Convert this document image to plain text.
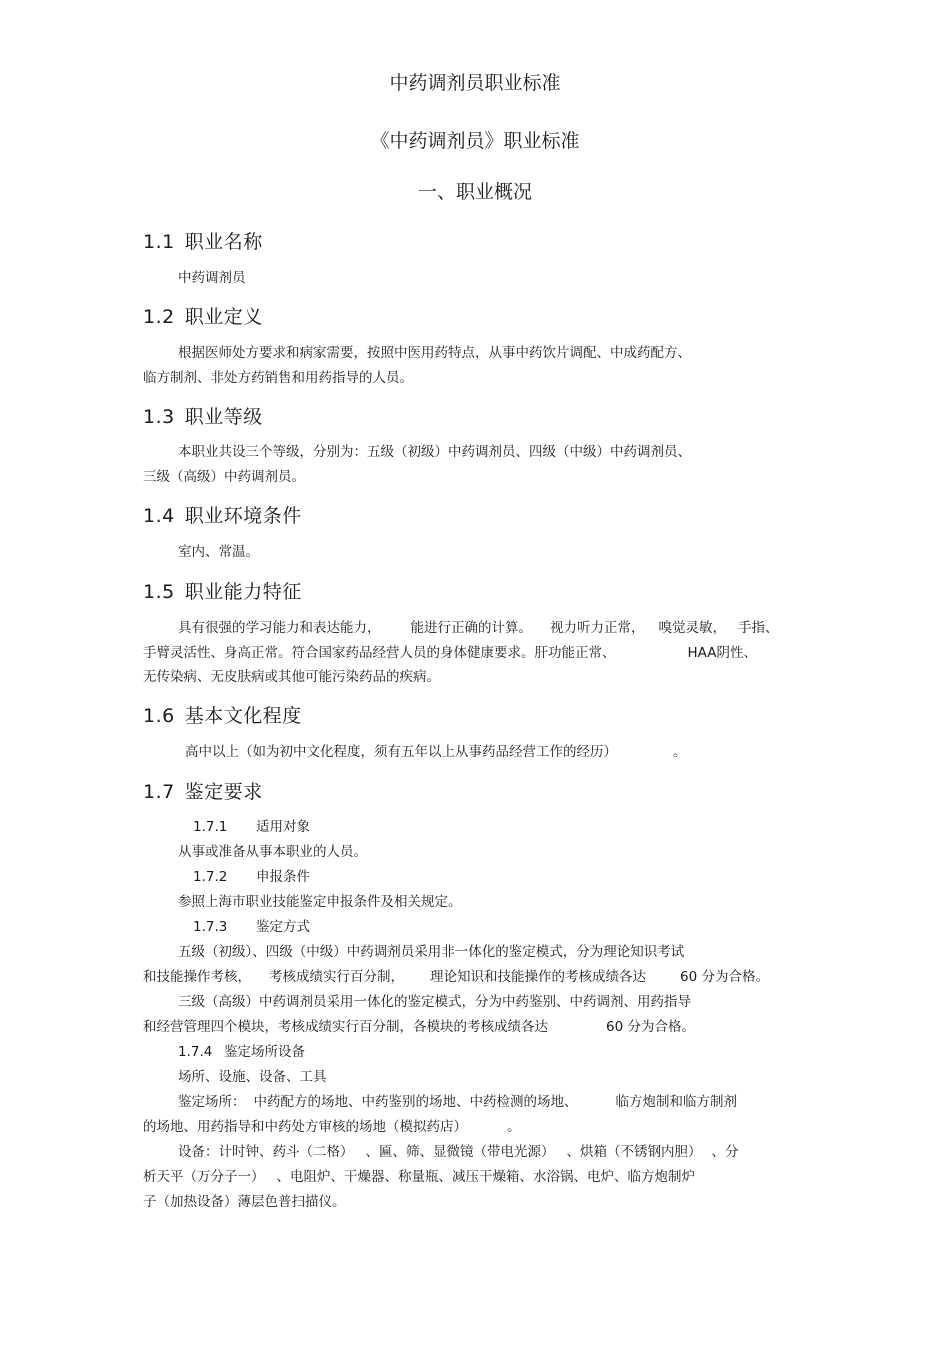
中药调剂员职业标准

《中药调剂员》职业标准

一、职业概况

1.1 职业名称

中药调剂员

1.2 职业定义

根据医师处方要求和病家需要，按照中医用药特点，从事中药饮片调配、中成药配方、

临方制剂、非处方药销售和用药指导的人员。

1.3 职业等级

本职业共设三个等级，分别为：五级（初级）中药调剂员、四级（中级）中药调剂员、

三级（高级）中药调剂员。

1.4 职业环境条件

室内、常温。

1.5 职业能力特征

具有很强的学习能力和表达能力， 能进行正确的计算。 视力听力正常， 嗅觉灵敏， 手指、

手臂灵活性、身高正常。符合国家药品经营人员的身体健康要求。肝功能正常、	HAA阴性、

无传染病、无皮肤病或其他可能污染药品的疾病。

1.6 基本文化程度

高中以上（如为初中文化程度，须有五年以上从事药品经营工作的经历）	。

1.7 鉴定要求

1.7.1 适用对象

从事或准备从事本职业的人员。

1.7.2 申报条件

参照上海市职业技能鉴定申报条件及相关规定。

1.7.3 鉴定方式

五级（初级）、四级（中级）中药调剂员采用非一体化的鉴定模式，分为理论知识考试

和技能操作考核， 考核成绩实行百分制， 理论知识和技能操作的考核成绩各达	60 分为合格。

三级（高级）中药调剂员采用一体化的鉴定模式，分为中药鉴别、中药调剂、用药指导

和经营管理四个模块，考核成绩实行百分制，各模块的考核成绩各达	60 分为合格。

1.7.4 鉴定场所设备

场所、设施、设备、工具

鉴定场所： 中药配方的场地、中药鉴别的场地、中药检测的场地、	临方炮制和临方制剂

的场地、用药指导和中药处方审核的场地（模拟药店）	。

设备：计时钟、药斗（二格） 、匾、筛、显微镜（带电光源） 、烘箱（不锈钢内胆） 、分

析天平（万分子一） 、电阻炉、干燥器、称量瓶、减压干燥箱、水浴锅、电炉、临方炮制炉

子（加热设备）薄层色普扫描仪。
